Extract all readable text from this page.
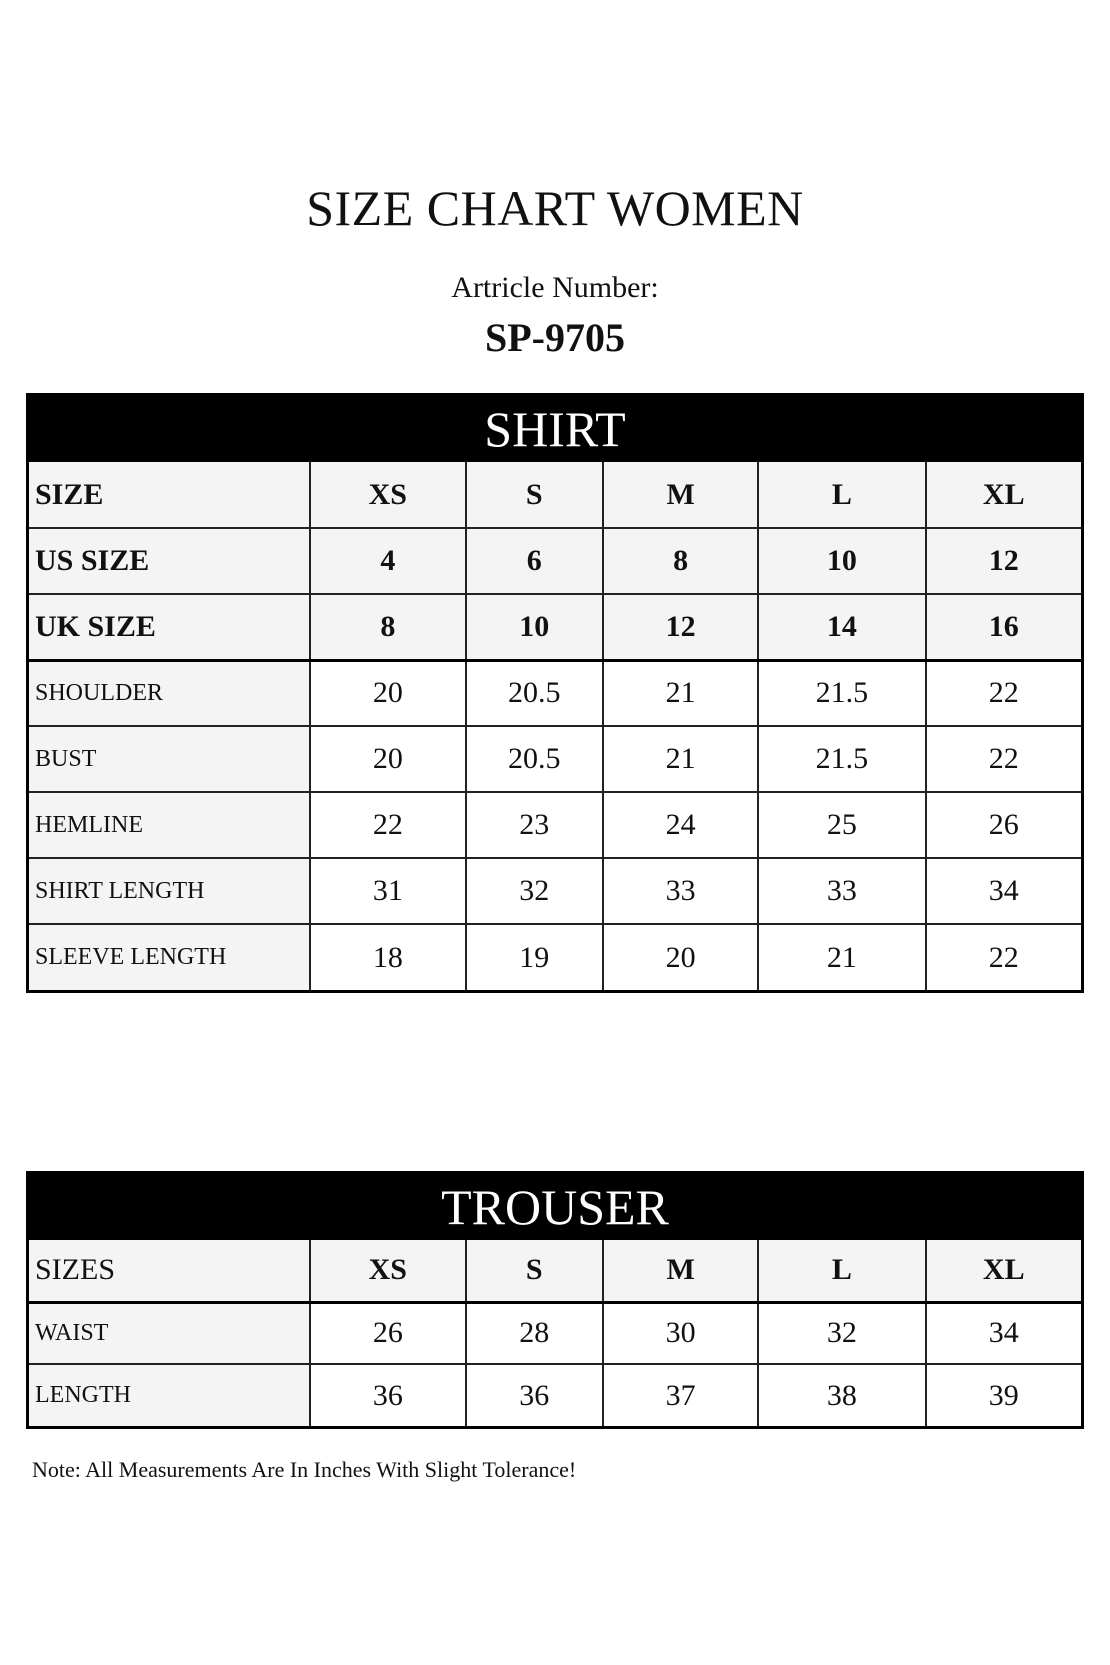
SIZE CHART WOMEN
Artricle Number:
SP-9705
SHIRT
SIZE	XS	S	M	L	XL
US SIZE	4	6	8	10	12
UK SIZE	8	10	12	14	16
SHOULDER	20	20.5	21	21.5	22
BUST	20	20.5	21	21.5	22
HEMLINE	22	23	24	25	26
SHIRT LENGTH	31	32	33	33	34
SLEEVE LENGTH	18	19	20	21	22
TROUSER
SIZES	XS	S	M	L	XL
WAIST	26	28	30	32	34
LENGTH	36	36	37	38	39
Note: All Measurements Are In Inches With Slight Tolerance!
